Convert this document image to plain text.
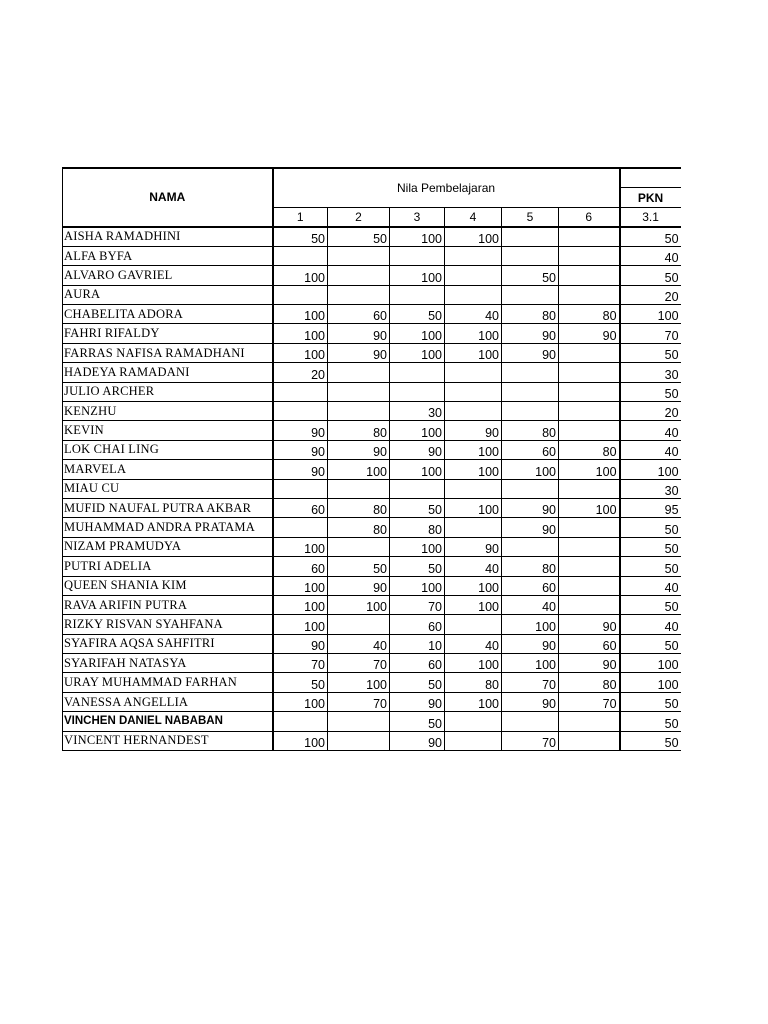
NAMA	Nila Pembelajaran						
							PKN
	1	2	3	4	5	6	3.1
AISHA RAMADHINI	50	50	100	100			50
ALFA BYFA							40
ALVARO GAVRIEL	100		100		50		50
AURA							20
CHABELITA ADORA	100	60	50	40	80	80	100
FAHRI RIFALDY	100	90	100	100	90	90	70
FARRAS NAFISA RAMADHANI	100	90	100	100	90		50
HADEYA RAMADANI	20						30
JULIO ARCHER							50
KENZHU			30				20
KEVIN	90	80	100	90	80		40
LOK CHAI LING	90	90	90	100	60	80	40
MARVELA	90	100	100	100	100	100	100
MIAU CU							30
MUFID NAUFAL PUTRA AKBAR	60	80	50	100	90	100	95
MUHAMMAD ANDRA PRATAMA		80	80		90		50
NIZAM PRAMUDYA	100		100	90			50
PUTRI ADELIA	60	50	50	40	80		50
QUEEN SHANIA KIM	100	90	100	100	60		40
RAVA ARIFIN PUTRA	100	100	70	100	40		50
RIZKY RISVAN SYAHFANA	100		60		100	90	40
SYAFIRA AQSA SAHFITRI	90	40	10	40	90	60	50
SYARIFAH NATASYA	70	70	60	100	100	90	100
URAY MUHAMMAD FARHAN	50	100	50	80	70	80	100
VANESSA ANGELLIA	100	70	90	100	90	70	50
VINCHEN DANIEL NABABAN			50				50
VINCENT HERNANDEST	100		90		70		50
